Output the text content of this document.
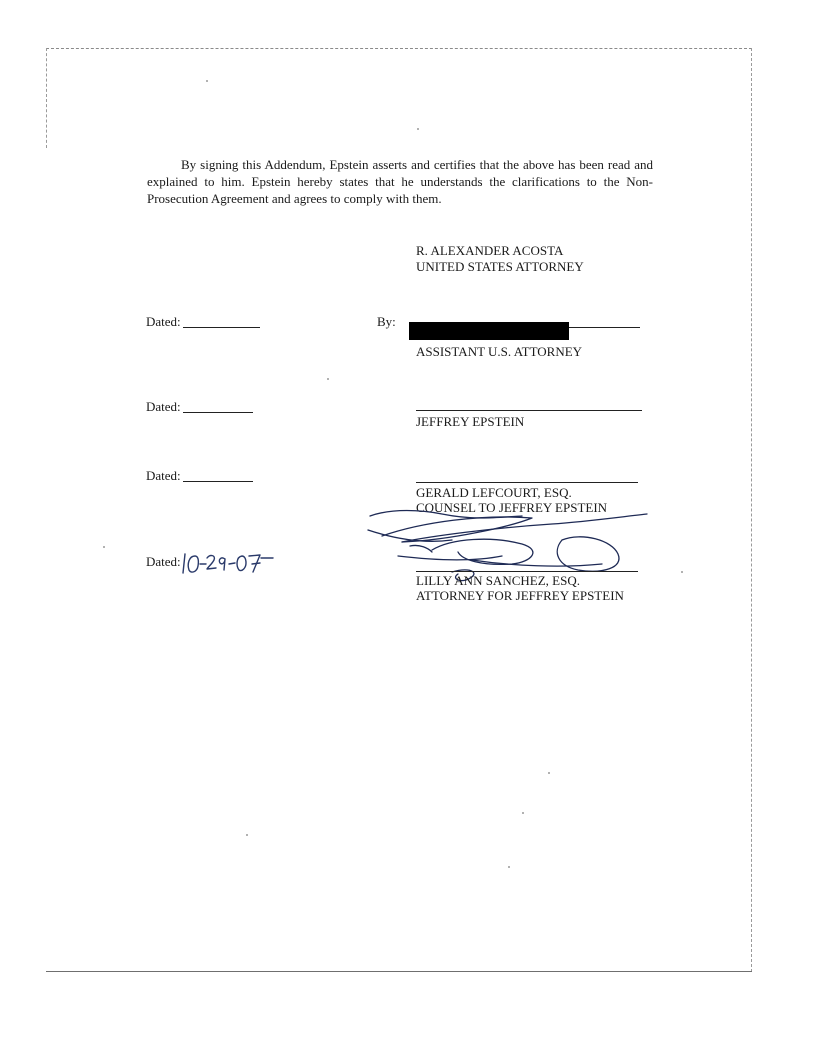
By signing this Addendum, Epstein asserts and certifies that the above has been read and explained to him. Epstein hereby states that he understands the clarifications to the Non-Prosecution Agreement and agrees to comply with them.

R. ALEXANDER ACOSTA
UNITED STATES ATTORNEY
Dated:	By:
ASSISTANT U.S. ATTORNEY
Dated:
JEFFREY EPSTEIN
Dated:
GERALD LEFCOURT, ESQ.
COUNSEL TO JEFFREY EPSTEIN
Dated:
LILLY ANN SANCHEZ, ESQ.
ATTORNEY FOR JEFFREY EPSTEIN
